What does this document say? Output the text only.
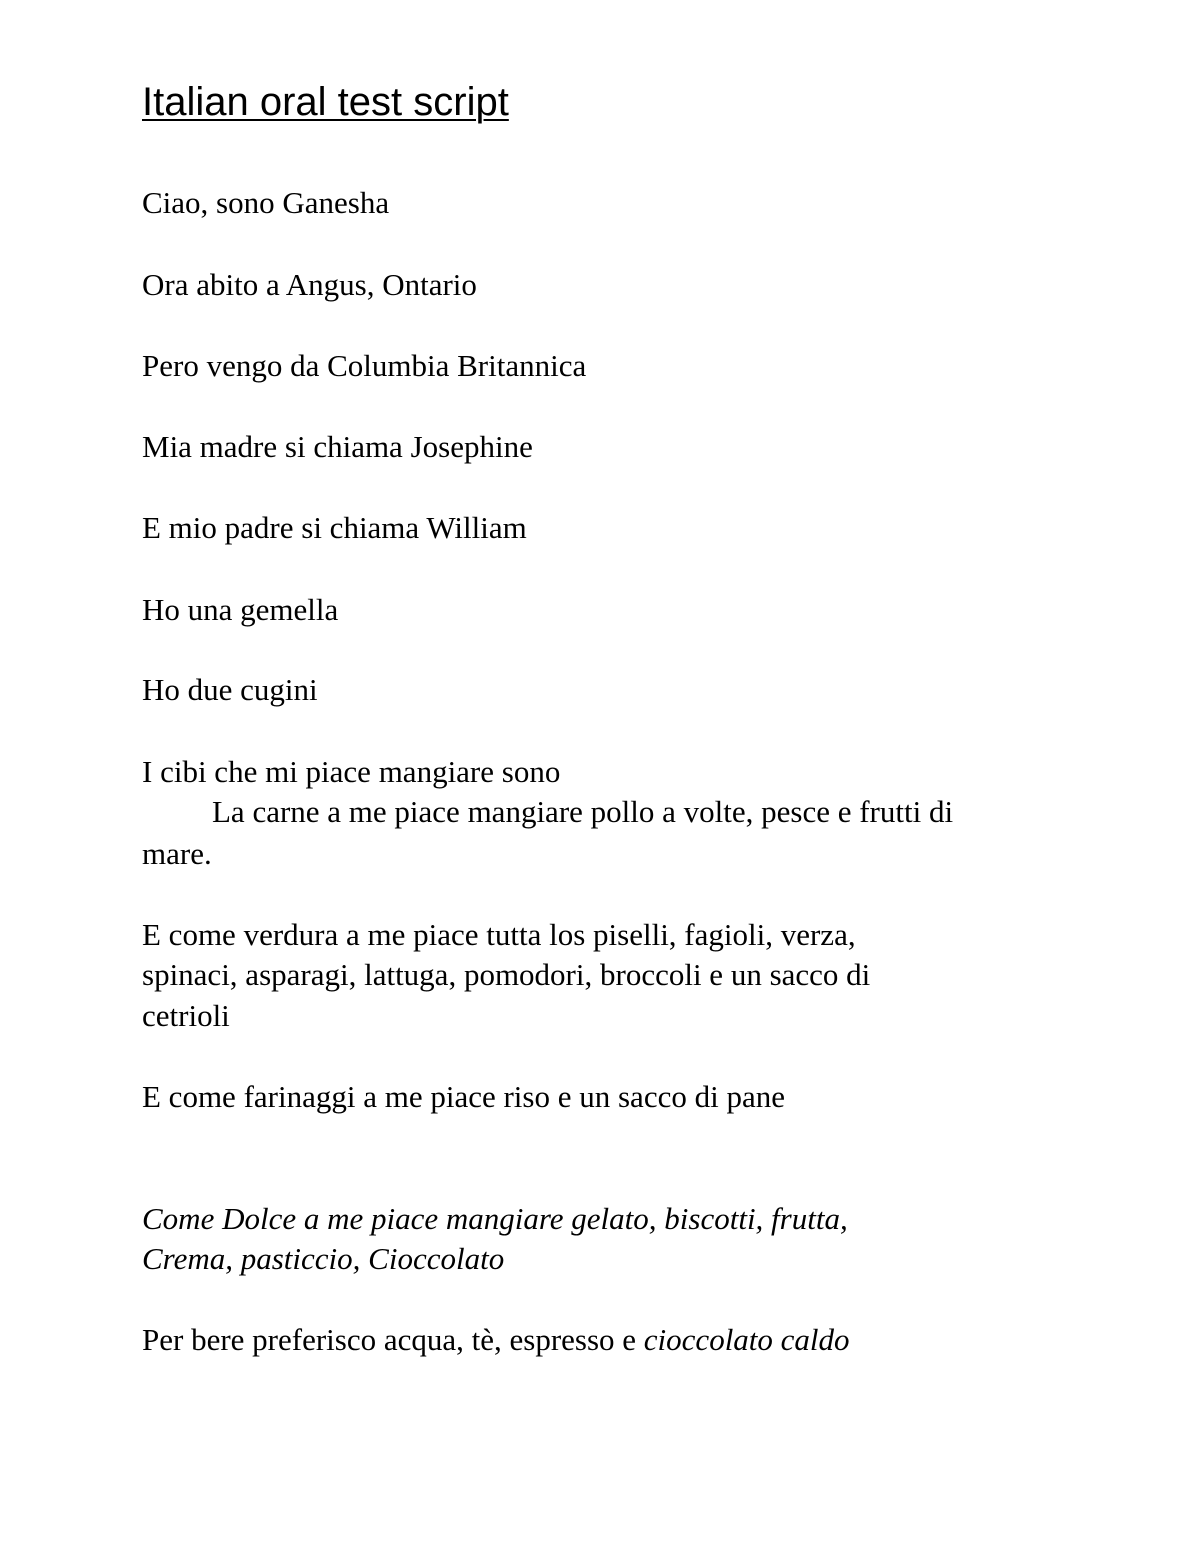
Italian oral test script

Ciao, sono Ganesha

Ora abito a Angus, Ontario

Pero vengo da Columbia Britannica

Mia madre si chiama Josephine

E mio padre si chiama William

Ho una gemella

Ho due cugini

I cibi che mi piace mangiare sono

La carne a me piace mangiare pollo a volte, pesce e frutti di

mare.

E come verdura a me piace tutta los piselli, fagioli, verza,

spinaci, asparagi, lattuga, pomodori, broccoli e un sacco di

cetrioli

E come farinaggi a me piace riso e un sacco di pane

Come Dolce a me piace mangiare gelato, biscotti, frutta,

Crema, pasticcio, Cioccolato

Per bere preferisco acqua, tè, espresso e cioccolato caldo
